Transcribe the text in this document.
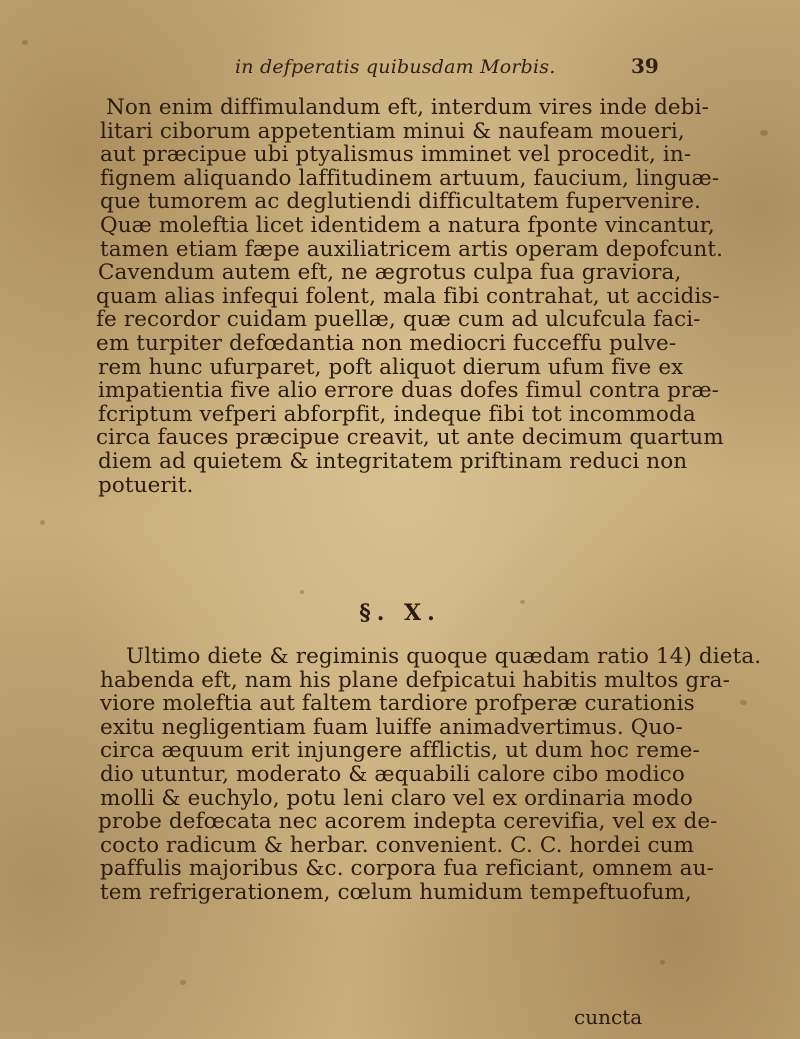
in defperatis quibusdam Morbis.	39
Non enim diffimulandum eft, interdum vires inde debi-
litari ciborum appetentiam minui & naufeam moueri,
aut præcipue ubi ptyalismus imminet vel procedit, in-
fignem aliquando laffitudinem artuum, faucium, linguæ-
que tumorem ac deglutiendi difficultatem fupervenire.
Quæ moleftia licet identidem a natura fponte vincantur,
tamen etiam fæpe auxiliatricem artis operam depofcunt.
Cavendum autem eft, ne ægrotus culpa fua graviora,
quam alias infequi folent, mala fibi contrahat, ut accidis-
fe recordor cuidam puellæ, quæ cum ad ulcufcula faci-
em turpiter defœdantia non mediocri fucceffu pulve-
rem hunc ufurparet, poft aliquot dierum ufum five ex
impatientia five alio errore duas dofes fimul contra præ-
fcriptum vefperi abforpfit, indeque fibi tot incommoda
circa fauces præcipue creavit, ut ante decimum quartum
diem ad quietem & integritatem priftinam reduci non
potuerit.
§. X.
Ultimo diete & regiminis quoque quædam ratio 14) dieta.
habenda eft, nam his plane defpicatui habitis multos gra-
viore moleftia aut faltem tardiore profperæ curationis
exitu negligentiam fuam luiffe animadvertimus. Quo-
circa æquum erit injungere afflictis, ut dum hoc reme-
dio utuntur, moderato & æquabili calore cibo modico
molli & euchylo, potu leni claro vel ex ordinaria modo
probe defœcata nec acorem indepta cerevifia, vel ex de-
cocto radicum & herbar. convenient. C. C. hordei cum
paffulis majoribus &c. corpora fua reficiant, omnem au-
tem refrigerationem, cœlum humidum tempeftuofum,
cuncta
